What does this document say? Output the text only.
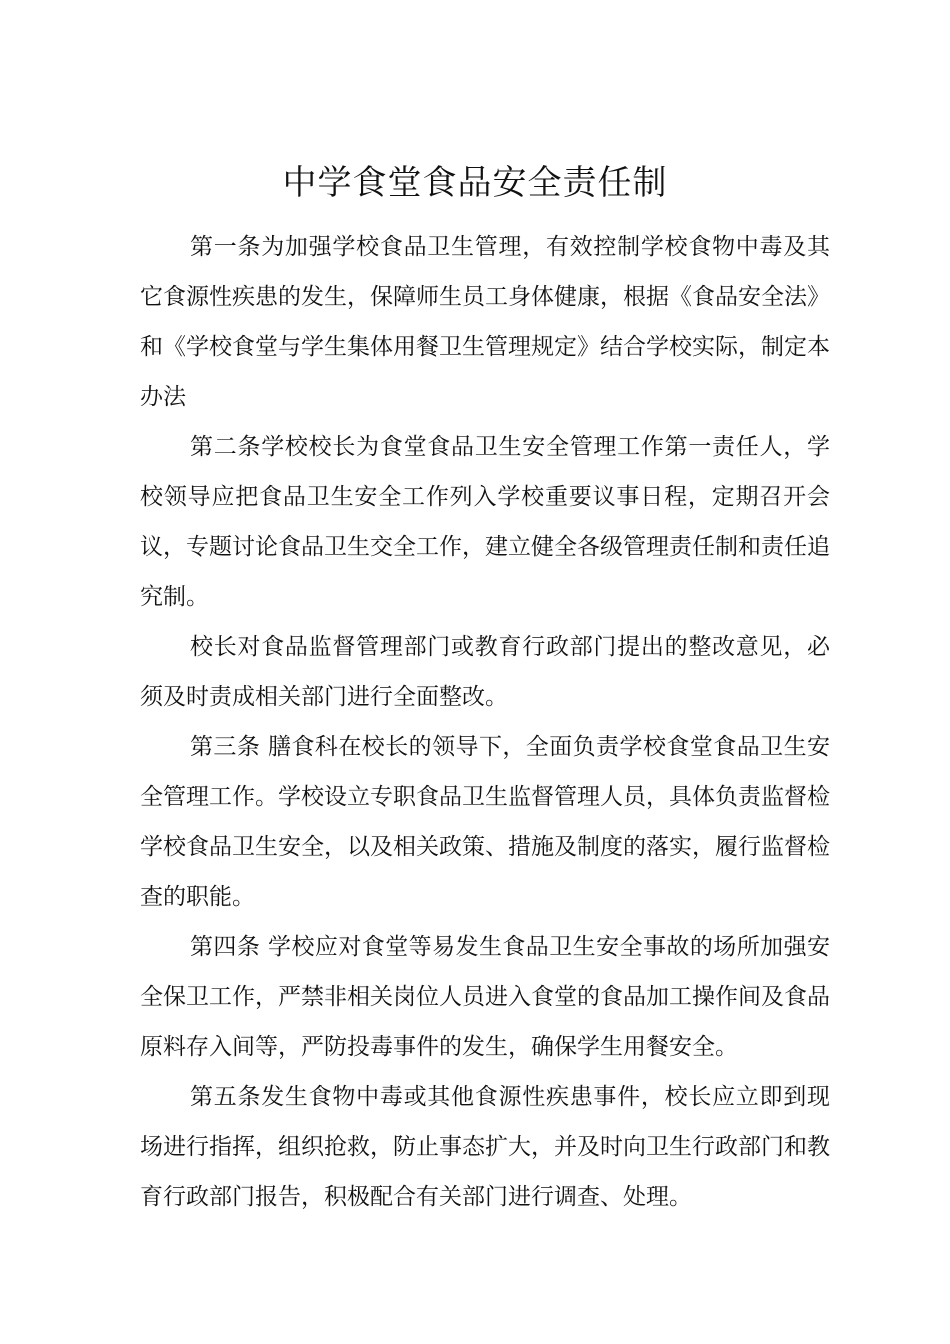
中学食堂食品安全责任制

第一条为加强学校食品卫生管理，有效控制学校食物中毒及其它食源性疾患的发生，保障师生员工身体健康，根据《食品安全法》和《学校食堂与学生集体用餐卫生管理规定》结合学校实际，制定本办法

第二条学校校长为食堂食品卫生安全管理工作第一责任人，学校领导应把食品卫生安全工作列入学校重要议事日程，定期召开会议，专题讨论食品卫生交全工作，建立健全各级管理责任制和责任追究制。

校长对食品监督管理部门或教育行政部门提出的整改意见，必须及时责成相关部门进行全面整改。

第三条 膳食科在校长的领导下，全面负责学校食堂食品卫生安全管理工作。学校设立专职食品卫生监督管理人员，具体负责监督检 学校食品卫生安全，以及相关政策、措施及制度的落实，履行监督检查的职能。

第四条 学校应对食堂等易发生食品卫生安全事故的场所加强安全保卫工作，严禁非相关岗位人员进入食堂的食品加工操作间及食品原料存入间等，严防投毒事件的发生，确保学生用餐安全。

第五条发生食物中毒或其他食源性疾患事件，校长应立即到现场进行指挥，组织抢救，防止事态扩大，并及时向卫生行政部门和教育行政部门报告，积极配合有关部门进行调查、处理。
